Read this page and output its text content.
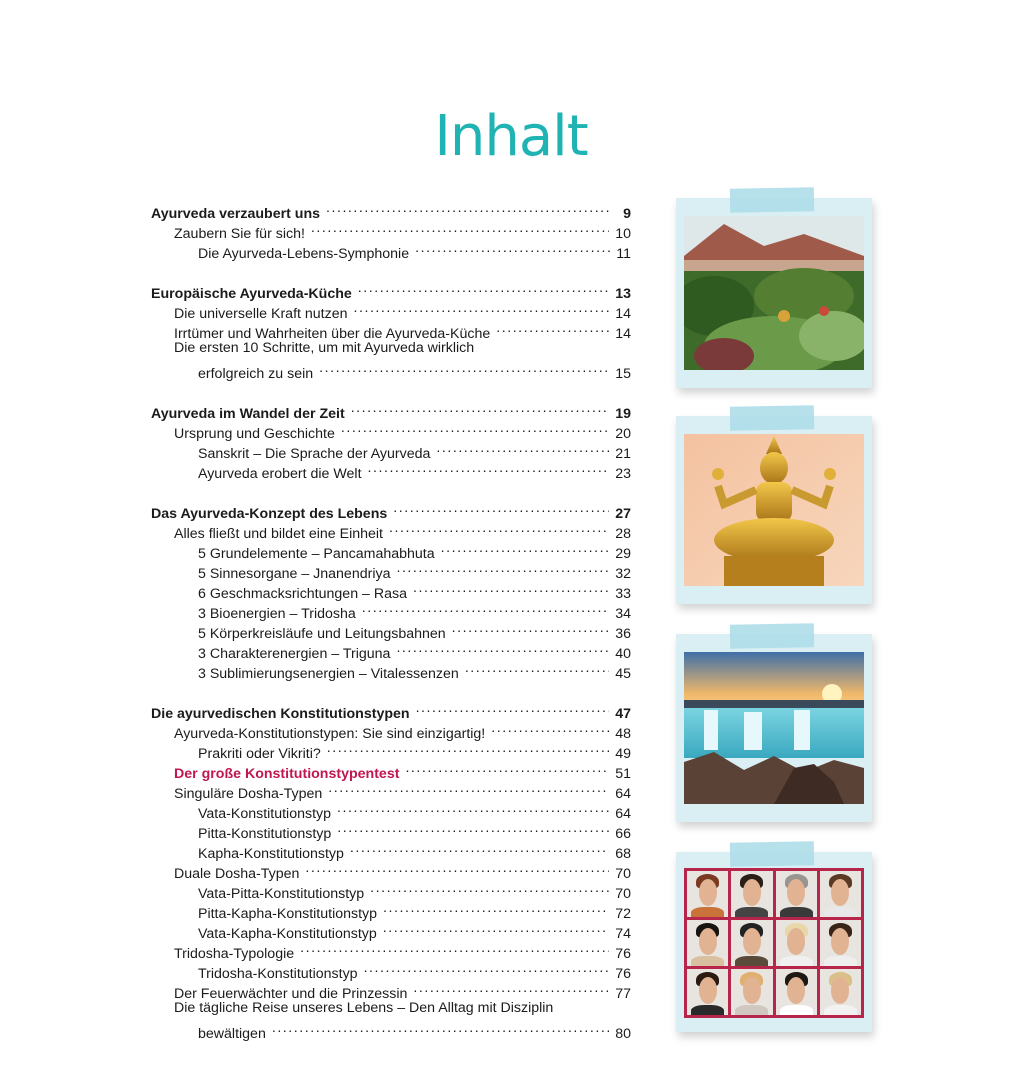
Inhalt
Ayurveda verzaubert uns . . .	9
Zaubern Sie für sich! . . .	10
Die Ayurveda-Lebens-Symphonie . . .	11
Europäische Ayurveda-Küche . . .	13
Die universelle Kraft nutzen . . .	14
Irrtümer und Wahrheiten über die Ayurveda-Küche . . .	14
Die ersten 10 Schritte, um mit Ayurveda wirklich
erfolgreich zu sein . . .	15
Ayurveda im Wandel der Zeit . . .	19
Ursprung und Geschichte . . .	20
Sanskrit – Die Sprache der Ayurveda . . .	21
Ayurveda erobert die Welt . . .	23
Das Ayurveda-Konzept des Lebens . . .	27
Alles fließt und bildet eine Einheit . . .	28
5 Grundelemente – Pancamahabhuta . . .	29
5 Sinnesorgane – Jnanendriya . . .	32
6 Geschmacksrichtungen – Rasa . . .	33
3 Bioenergien – Tridosha . . .	34
5 Körperkreisläufe und Leitungsbahnen . . .	36
3 Charakterenergien – Triguna . . .	40
3 Sublimierungsenergien – Vitalessenzen . . .	45
Die ayurvedischen Konstitutionstypen . . .	47
Ayurveda-Konstitutionstypen: Sie sind einzigartig! . . .	48
Prakriti oder Vikriti? . . .	49
Der große Konstitutionstypentest . . .	51
Singuläre Dosha-Typen . . .	64
Vata-Konstitutionstyp . . .	64
Pitta-Konstitutionstyp . . .	66
Kapha-Konstitutionstyp . . .	68
Duale Dosha-Typen . . .	70
Vata-Pitta-Konstitutionstyp . . .	70
Pitta-Kapha-Konstitutionstyp . . .	72
Vata-Kapha-Konstitutionstyp . . .	74
Tridosha-Typologie . . .	76
Tridosha-Konstitutionstyp . . .	76
Der Feuerwächter und die Prinzessin . . .	77
Die tägliche Reise unseres Lebens – Den Alltag mit Disziplin
bewältigen . . .	80
